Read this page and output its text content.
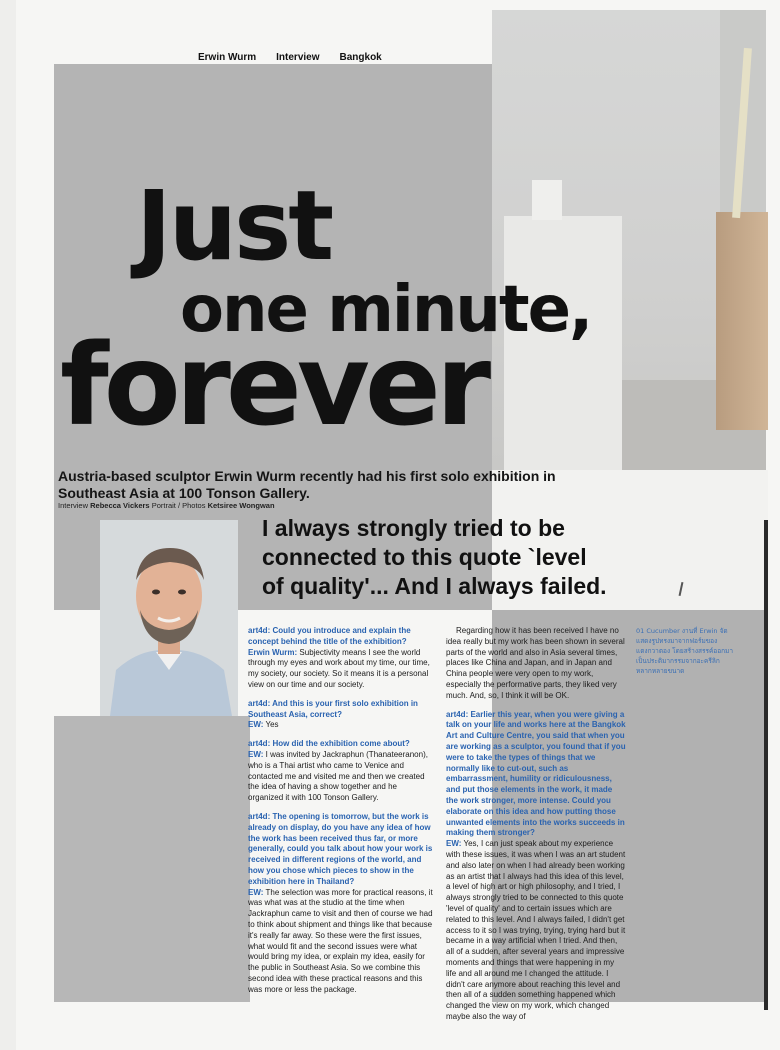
Erwin Wurm Interview Bangkok
Just
one minute,
forever
Austria-based sculptor Erwin Wurm recently had his first solo exhibition in Southeast Asia at 100 Tonson Gallery.
Interview Rebecca Vickers Portrait / Photos Ketsiree Wongwan
I always strongly tried to be connected to this quote `level of quality'... And I always failed.

art4d: Could you introduce and explain the concept behind the title of the exhibition?
Erwin Wurm: Subjectivity means I see the world through my eyes and work about my time, our time, my society, our society. So it means it is a personal view on our time and our society.

art4d: And this is your first solo exhibition in Southeast Asia, correct?
EW: Yes

art4d: How did the exhibition come about?
EW: I was invited by Jackraphun (Thanateeranon), who is a Thai artist who came to Venice and contacted me and visited me and then we created the idea of having a show together and he organized it with 100 Tonson Gallery.

art4d: The opening is tomorrow, but the work is already on display, do you have any idea of how the work has been received thus far, or more generally, could you talk about how your work is received in different regions of the world, and how you chose which pieces to show in the exhibition here in Thailand?
EW: The selection was more for practical reasons, it was what was at the studio at the time when Jackraphun came to visit and then of course we had to think about shipment and things like that because it's really far away. So these were the first issues, what would fit and the second issues were what would bring my idea, or explain my idea, easily for the public in Southeast Asia. So we combine this second idea with these practical reasons and this was more or less the package.

Regarding how it has been received I have no idea really but my work has been shown in several parts of the world and also in Asia several times, places like China and Japan, and in Japan and China people were very open to my work, especially the performative parts, they liked very much. And, so, I think it will be OK.

art4d: Earlier this year, when you were giving a talk on your life and works here at the Bangkok Art and Culture Centre, you said that when you are working as a sculptor, you found that if you were to take the types of things that we normally like to cut-out, such as embarrassment, humility or ridiculousness, and put those elements in the work, it made the work stronger, more intense. Could you elaborate on this idea and how putting those unwanted elements into the works succeeds in making them stronger?
EW: Yes, I can just speak about my experience with these issues, it was when I was an art student and also later on when I had already been working as an artist that I always had this idea of this level, a level of high art or high philosophy, and I tried, I always strongly tried to be connected to this quote 'level of quality' and to certain issues which are related to this level. And I always failed, I didn't get access to it so I was trying, trying, trying hard but it became in a way artificial when I tried. And then, all of a sudden, after several years and impressive moments and things that were happening in my life and all around me I changed the attitude. I didn't care anymore about reaching this level and then all of a sudden something happened which changed the view on my work, which changed maybe also the way of

01 Cucumber งานที่ Erwin จัดแสดงรูปทรงมาจากฟอร์มของแตงกวาตอง โดยสร้างสรรค์ออกมาเป็นประติมากรรมจากอะครีลิกหลากหลายขนาด
